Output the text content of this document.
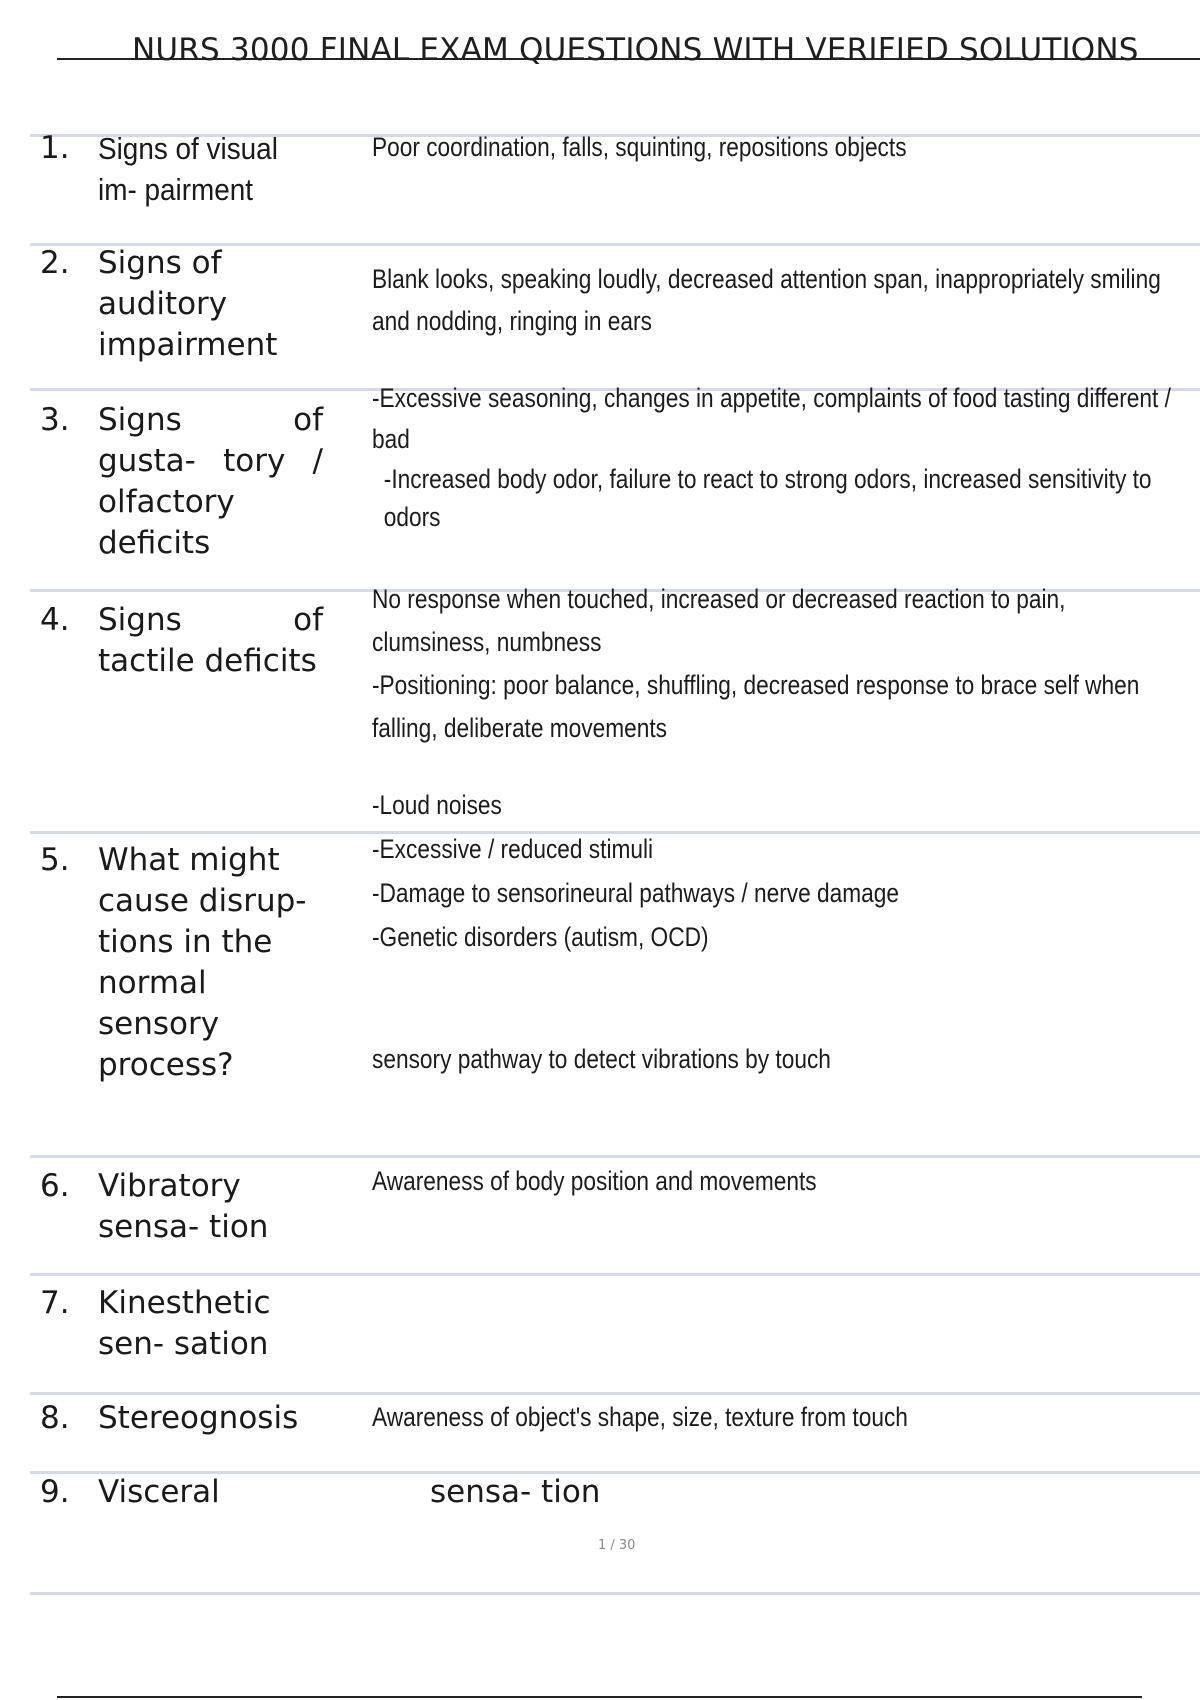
NURS 3000 FINAL EXAM QUESTIONS WITH VERIFIED SOLUTIONS
1. Signs of visual im- pairment

Poor coordination, falls, squinting, repositions objects

2. Signs of auditory impairment

Blank looks, speaking loudly, decreased attention span, inappropriately smiling and nodding, ringing in ears

3. Signs of gusta- tory / olfactory deficits

-Excessive seasoning, changes in appetite, complaints of food tasting different / bad

-Increased body odor, failure to react to strong odors, increased sensitivity to odors

4. Signs of tactile deficits

No response when touched, increased or decreased reaction to pain, clumsiness, numbness

-Positioning: poor balance, shuffling, decreased response to brace self when falling, deliberate movements

5. What might cause disrup- tions in the normal sensory process?

-Loud noises

-Excessive / reduced stimuli

-Damage to sensorineural pathways / nerve damage

-Genetic disorders (autism, OCD)

6. Vibratory sensa- tion

sensory pathway to detect vibrations by touch

7. Kinesthetic sen- sation

Awareness of body position and movements

8. Stereognosis	Awareness of object's shape, size, texture from touch

9. Visceral	sensa- tion
1 / 30
